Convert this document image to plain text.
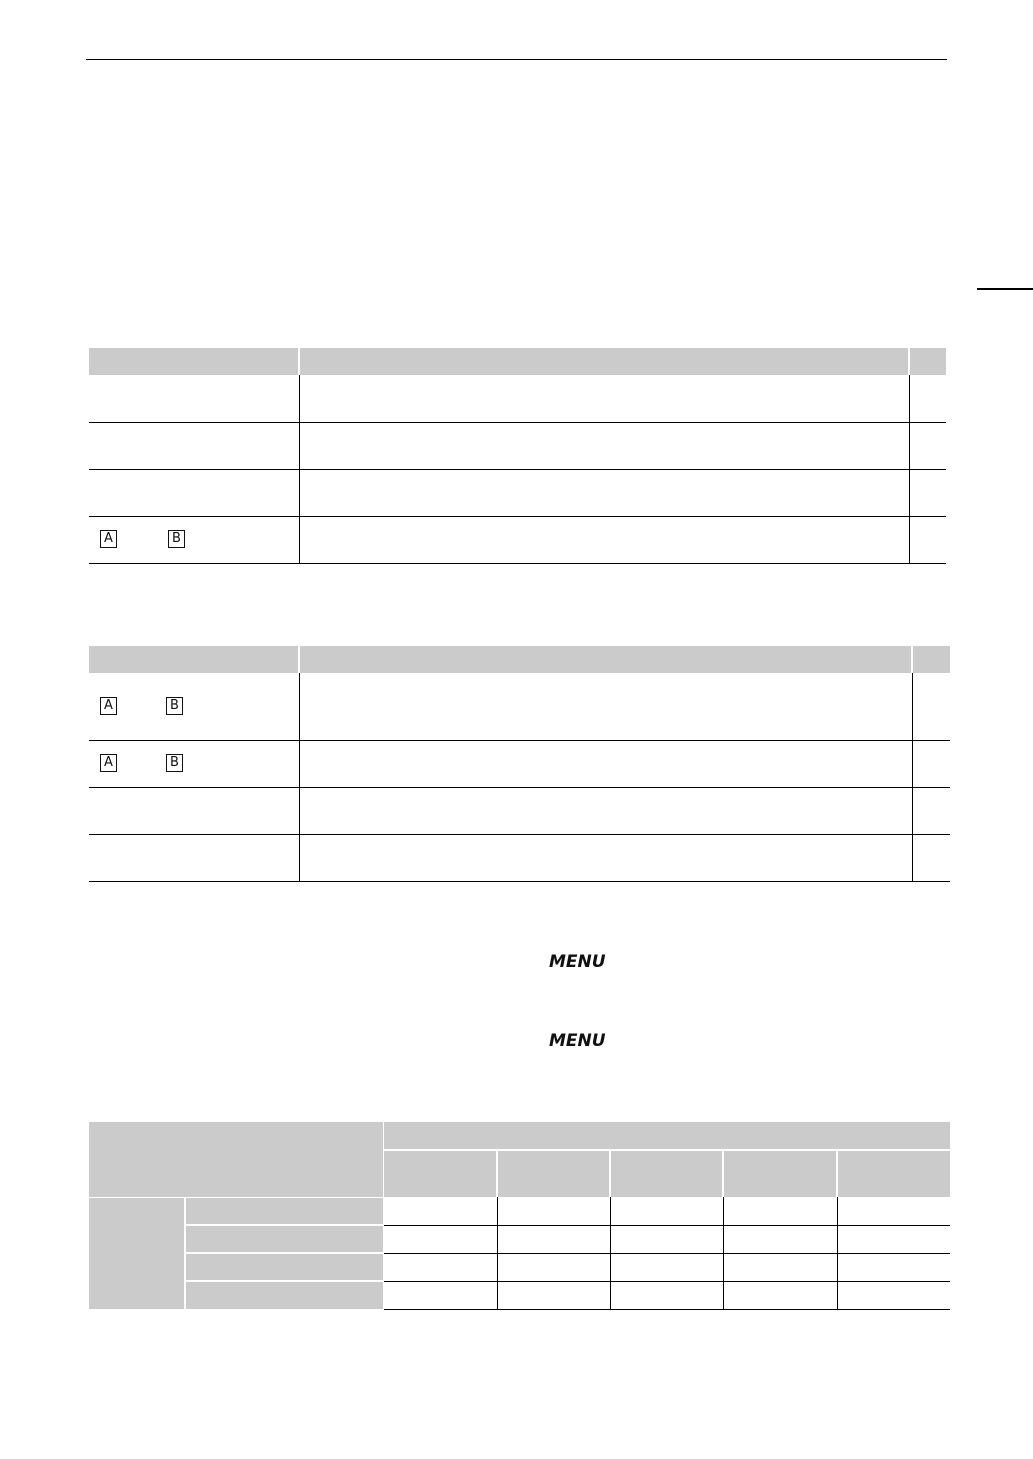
A	B
A	B
A	B
MENU
MENU
